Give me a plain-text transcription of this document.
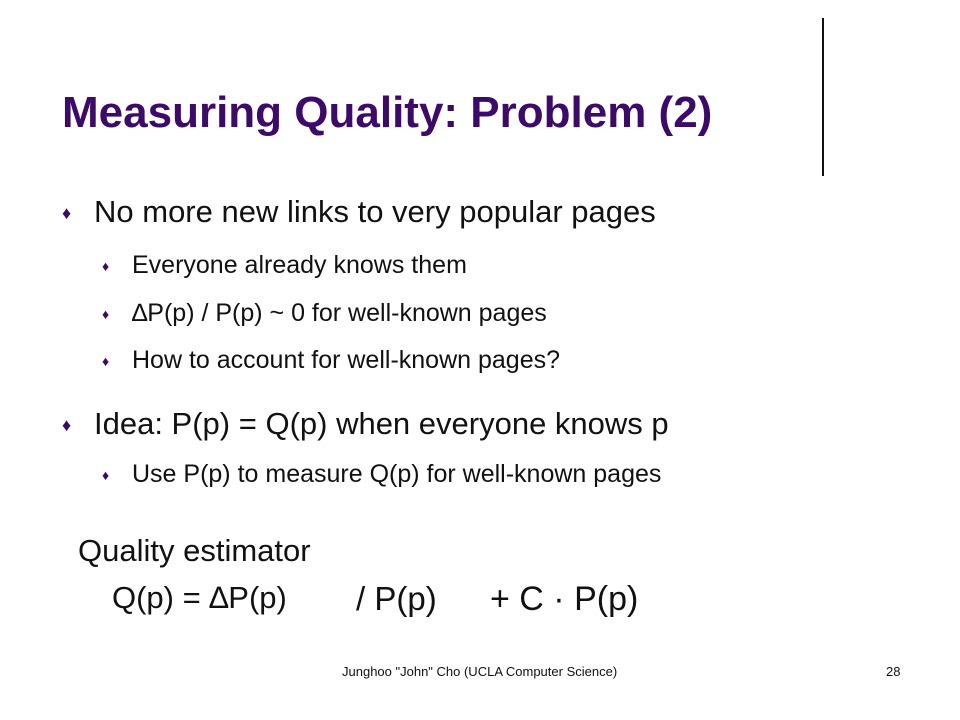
Measuring Quality: Problem (2)
♦ No more new links to very popular pages
♦ Everyone already knows them
♦ ∆P(p) / P(p) ~ 0 for well-known pages
♦ How to account for well-known pages?
♦ Idea: P(p) = Q(p) when everyone knows p
♦ Use P(p) to measure Q(p) for well-known pages
Quality estimator
Q(p) = ∆P(p) / P(p) + C · P(p)
Junghoo "John" Cho (UCLA Computer Science)	28
